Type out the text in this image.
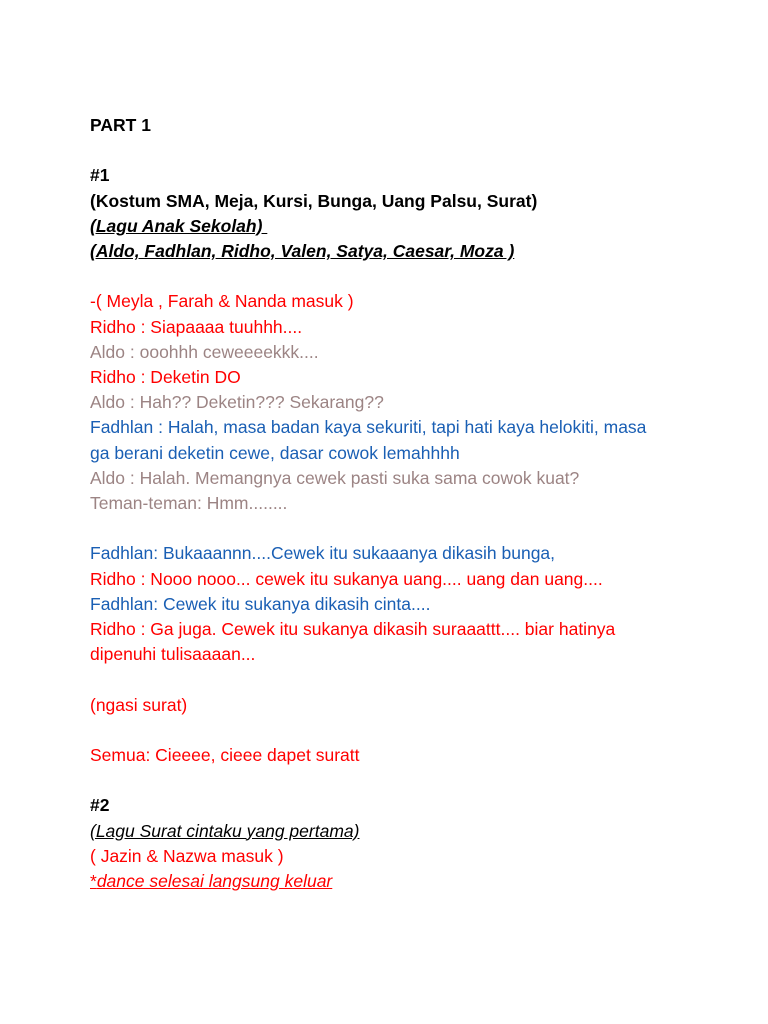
PART 1
#1
(Kostum SMA, Meja, Kursi, Bunga, Uang Palsu, Surat)
(Lagu Anak Sekolah)
(Aldo, Fadhlan, Ridho, Valen, Satya, Caesar, Moza )
-( Meyla , Farah & Nanda masuk )
Ridho : Siapaaaa tuuhhh....
Aldo : ooohhh ceweeeekkk....
Ridho : Deketin DO
Aldo : Hah?? Deketin??? Sekarang??
Fadhlan : Halah, masa badan kaya sekuriti, tapi hati kaya helokiti, masa
ga berani deketin cewe, dasar cowok lemahhhh
Aldo : Halah. Memangnya cewek pasti suka sama cowok kuat?
Teman-teman: Hmm........
Fadhlan: Bukaaannn....Cewek itu sukaaanya dikasih bunga,
Ridho : Nooo nooo... cewek itu sukanya uang.... uang dan uang....
Fadhlan: Cewek itu sukanya dikasih cinta....
Ridho : Ga juga. Cewek itu sukanya dikasih suraaattt.... biar hatinya
dipenuhi tulisaaaan...
(ngasi surat)
Semua: Cieeee, cieee dapet suratt
#2
(Lagu Surat cintaku yang pertama)
( Jazin & Nazwa masuk )
*dance selesai langsung keluar
